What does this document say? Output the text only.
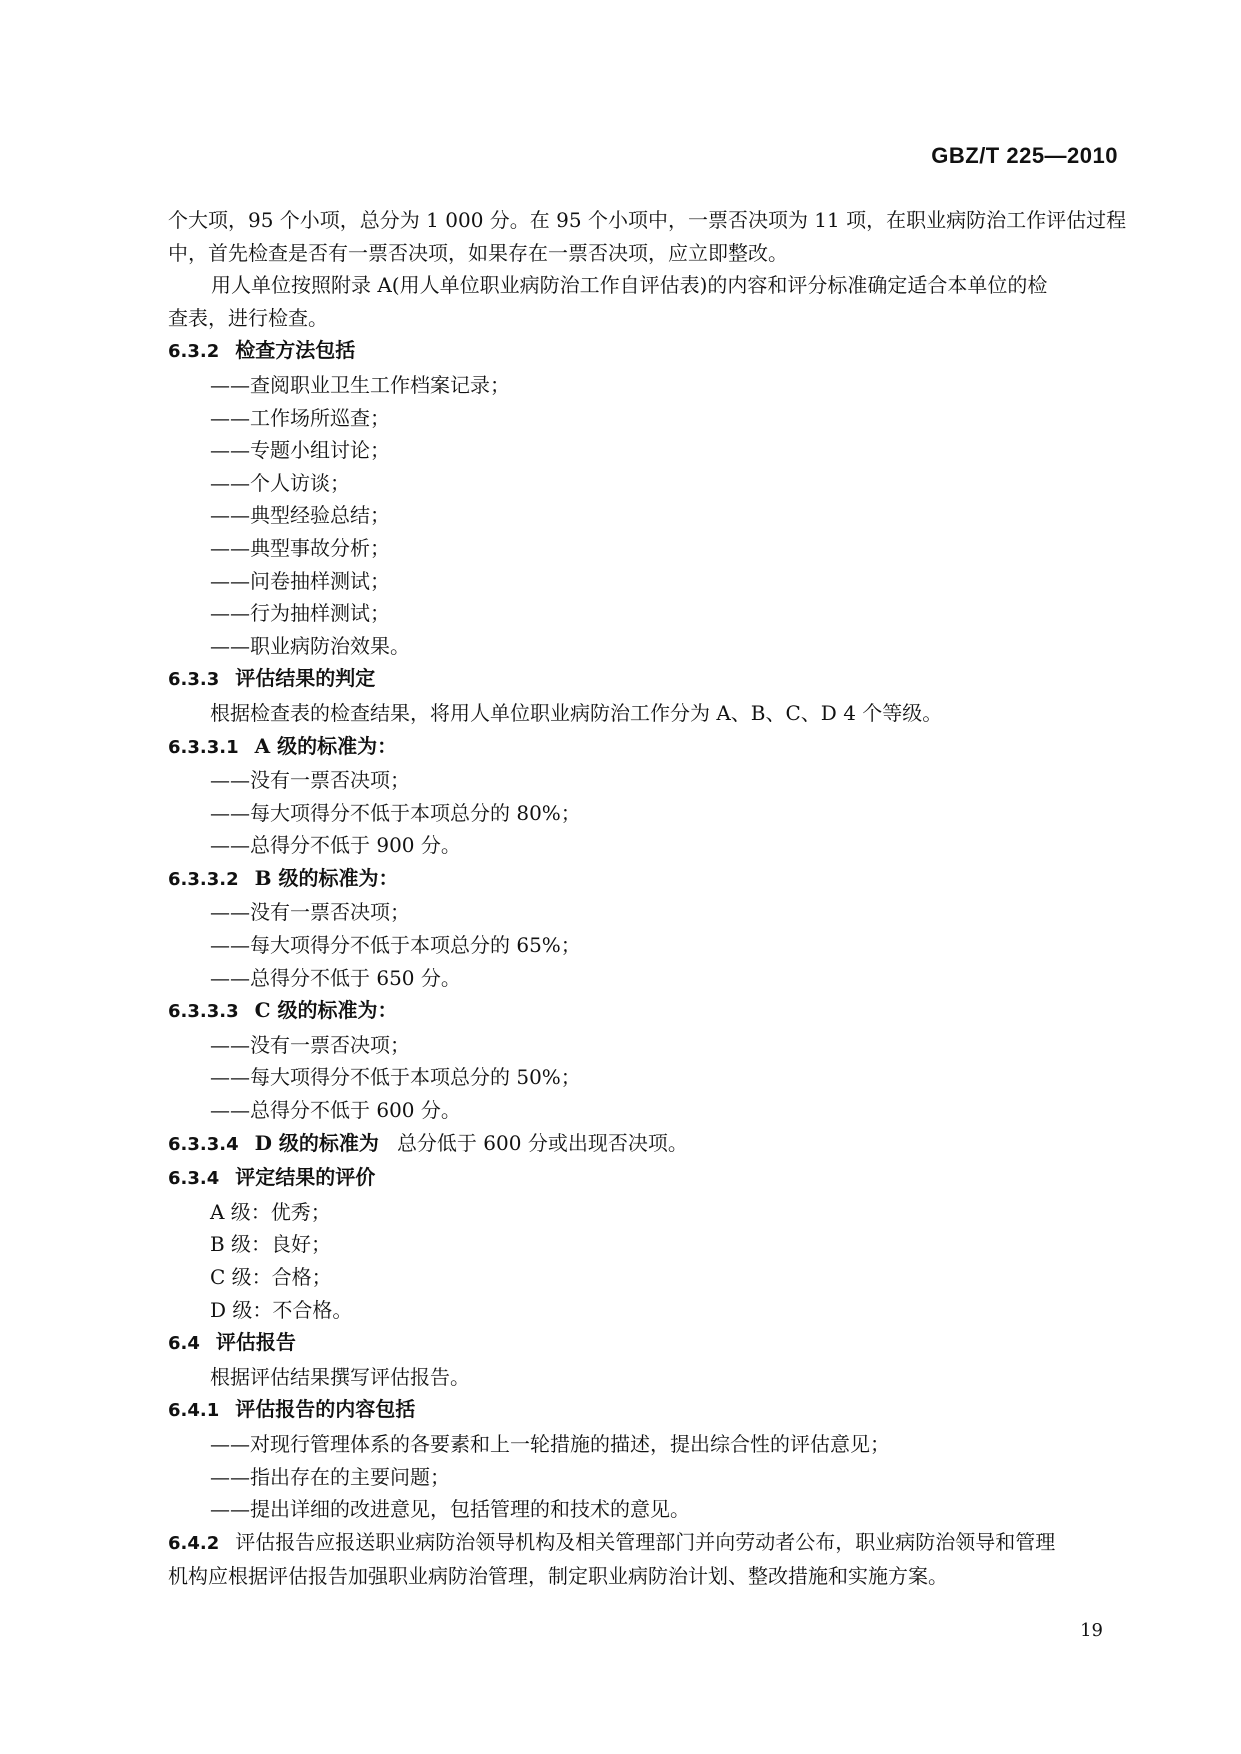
GBZ/T 225—2010
个大项，95 个小项，总分为 1 000 分。在 95 个小项中，一票否决项为 11 项，在职业病防治工作评估过程
中，首先检查是否有一票否决项，如果存在一票否决项，应立即整改。
用人单位按照附录 A(用人单位职业病防治工作自评估表)的内容和评分标准确定适合本单位的检
查表，进行检查。
6.3.2 检查方法包括
——查阅职业卫生工作档案记录；
——工作场所巡查；
——专题小组讨论；
——个人访谈；
——典型经验总结；
——典型事故分析；
——问卷抽样测试；
——行为抽样测试；
——职业病防治效果。
6.3.3 评估结果的判定
根据检查表的检查结果，将用人单位职业病防治工作分为 A、B、C、D 4 个等级。
6.3.3.1 A 级的标准为：
——没有一票否决项；
——每大项得分不低于本项总分的 80%；
——总得分不低于 900 分。
6.3.3.2 B 级的标准为：
——没有一票否决项；
——每大项得分不低于本项总分的 65%；
——总得分不低于 650 分。
6.3.3.3 C 级的标准为：
——没有一票否决项；
——每大项得分不低于本项总分的 50%；
——总得分不低于 600 分。
6.3.3.4 D 级的标准为 总分低于 600 分或出现否决项。
6.3.4 评定结果的评价
A 级：优秀；
B 级：良好；
C 级：合格；
D 级：不合格。
6.4 评估报告
根据评估结果撰写评估报告。
6.4.1 评估报告的内容包括
——对现行管理体系的各要素和上一轮措施的描述，提出综合性的评估意见；
——指出存在的主要问题；
——提出详细的改进意见，包括管理的和技术的意见。
6.4.2 评估报告应报送职业病防治领导机构及相关管理部门并向劳动者公布，职业病防治领导和管理
机构应根据评估报告加强职业病防治管理，制定职业病防治计划、整改措施和实施方案。
19
